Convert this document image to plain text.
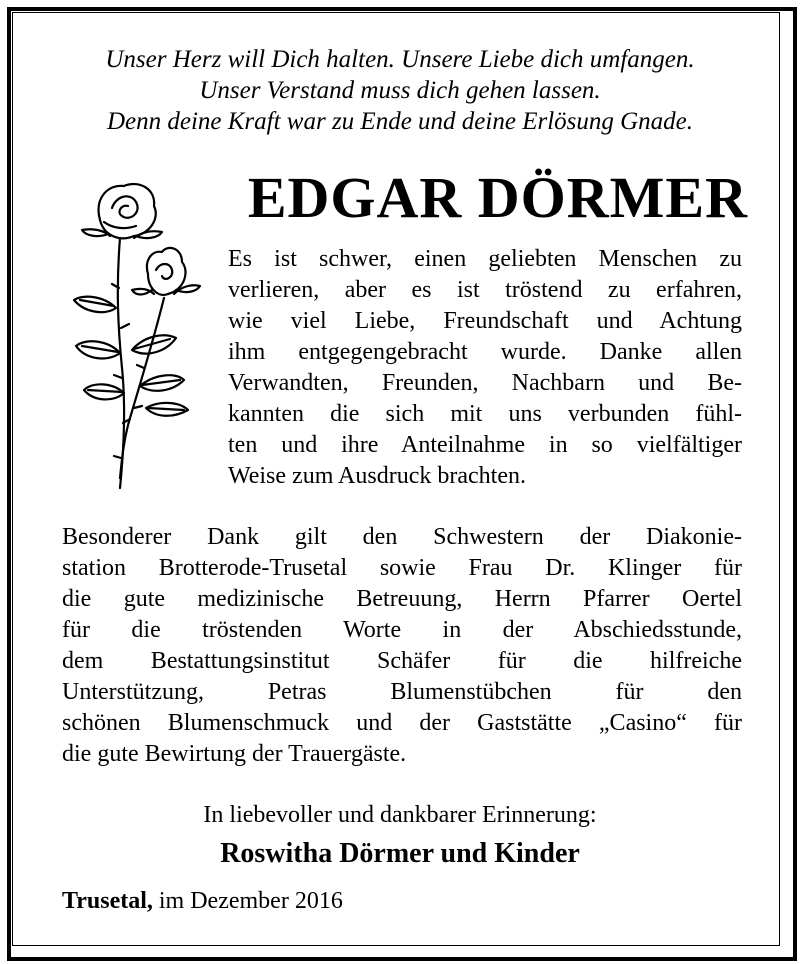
Unser Herz will Dich halten. Unsere Liebe dich umfangen.
Unser Verstand muss dich gehen lassen.
Denn deine Kraft war zu Ende und deine Erlösung Gnade.
EDGAR DÖRMER
Es ist schwer, einen geliebten Menschen zu
verlieren, aber es ist tröstend zu erfahren,
wie viel Liebe, Freundschaft und Achtung
ihm entgegengebracht wurde. Danke allen
Verwandten, Freunden, Nachbarn und Be-
kannten die sich mit uns verbunden fühl-
ten und ihre Anteilnahme in so vielfältiger
Weise zum Ausdruck brachten.
Besonderer Dank gilt den Schwestern der Diakonie-
station Brotterode-Trusetal sowie Frau Dr. Klinger für
die gute medizinische Betreuung, Herrn Pfarrer Oertel
für die tröstenden Worte in der Abschiedsstunde,
dem Bestattungsinstitut Schäfer für die hilfreiche
Unterstützung, Petras Blumenstübchen für den
schönen Blumenschmuck und der Gaststätte „Casino“ für
die gute Bewirtung der Trauergäste.
In liebevoller und dankbarer Erinnerung:
Roswitha Dörmer und Kinder
Trusetal, im Dezember 2016
